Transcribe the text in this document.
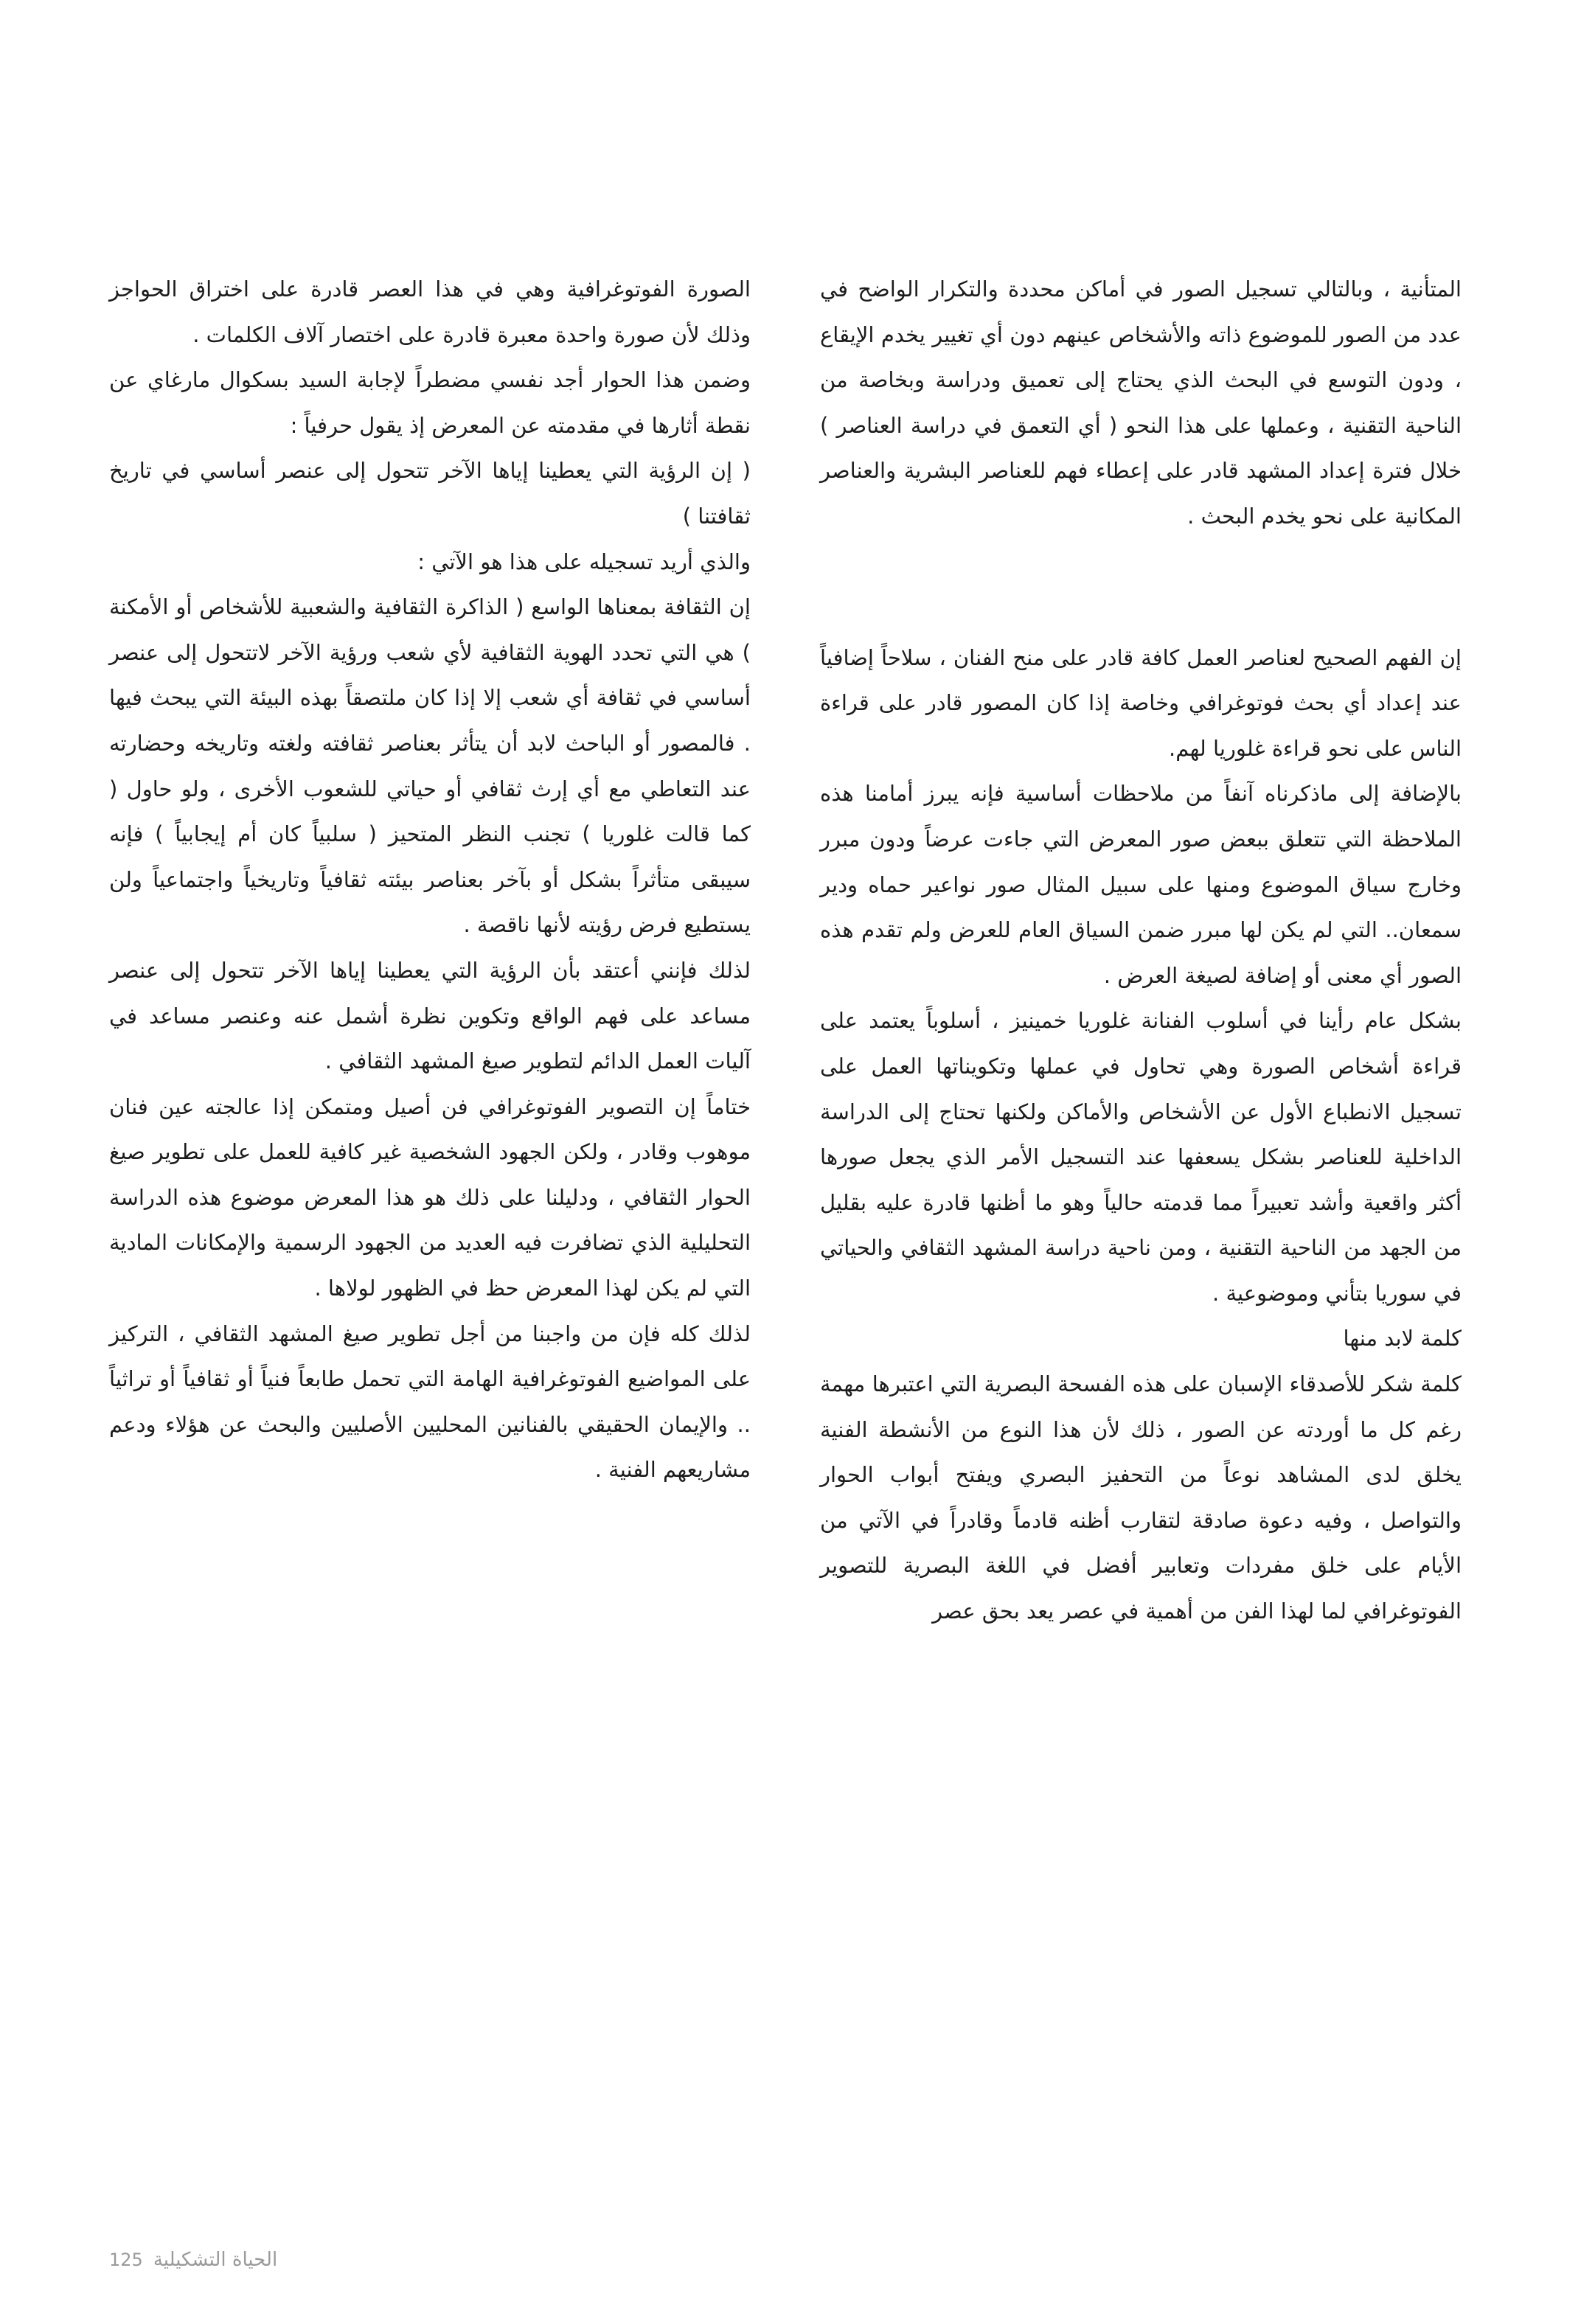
المتأنية ، وبالتالي تسجيل الصور في أماكن محددة والتكرار الواضح في عدد من الصور للموضوع ذاته والأشخاص عينهم دون أي تغيير يخدم الإيقاع ، ودون التوسع في البحث الذي يحتاج إلى تعميق ودراسة وبخاصة من الناحية التقنية ، وعملها على هذا النحو ( أي التعمق في دراسة العناصر ) خلال فترة إعداد المشهد قادر على إعطاء فهم للعناصر البشرية والعناصر المكانية على نحو يخدم البحث .

إن الفهم الصحيح لعناصر العمل كافة قادر على منح الفنان ، سلاحاً إضافياً عند إعداد أي بحث فوتوغرافي وخاصة إذا كان المصور قادر على قراءة الناس على نحو قراءة غلوريا لهم.

بالإضافة إلى ماذكرناه آنفاً من ملاحظات أساسية فإنه يبرز أمامنا هذه الملاحظة التي تتعلق ببعض صور المعرض التي جاءت عرضاً ودون مبرر وخارج سياق الموضوع ومنها على سبيل المثال صور نواعير حماه ودير سمعان.. التي لم يكن لها مبرر ضمن السياق العام للعرض ولم تقدم هذه الصور أي معنى أو إضافة لصيغة العرض .

بشكل عام رأينا في أسلوب الفنانة غلوريا خمينيز ، أسلوباً يعتمد على قراءة أشخاص الصورة وهي تحاول في عملها وتكويناتها العمل على تسجيل الانطباع الأول عن الأشخاص والأماكن ولكنها تحتاج إلى الدراسة الداخلية للعناصر بشكل يسعفها عند التسجيل الأمر الذي يجعل صورها أكثر واقعية وأشد تعبيراً مما قدمته حالياً وهو ما أظنها قادرة عليه بقليل من الجهد من الناحية التقنية ، ومن ناحية دراسة المشهد الثقافي والحياتي في سوريا بتأني وموضوعية .

كلمة لابد منها

كلمة شكر للأصدقاء الإسبان على هذه الفسحة البصرية التي اعتبرها مهمة رغم كل ما أوردته عن الصور ، ذلك لأن هذا النوع من الأنشطة الفنية يخلق لدى المشاهد نوعاً من التحفيز البصري ويفتح أبواب الحوار والتواصل ، وفيه دعوة صادقة لتقارب أظنه قادماً وقادراً في الآتي من الأيام على خلق مفردات وتعابير أفضل في اللغة البصرية للتصوير الفوتوغرافي لما لهذا الفن من أهمية في عصر يعد بحق عصر

الصورة الفوتوغرافية وهي في هذا العصر قادرة على اختراق الحواجز وذلك لأن صورة واحدة معبرة قادرة على اختصار آلاف الكلمات .

وضمن هذا الحوار أجد نفسي مضطراً لإجابة السيد بسكوال مارغاي عن نقطة أثارها في مقدمته عن المعرض إذ يقول حرفياً :

( إن الرؤية التي يعطينا إياها الآخر تتحول إلى عنصر أساسي في تاريخ ثقافتنا )

والذي أريد تسجيله على هذا هو الآتي :

إن الثقافة بمعناها الواسع ( الذاكرة الثقافية والشعبية للأشخاص أو الأمكنة ) هي التي تحدد الهوية الثقافية لأي شعب ورؤية الآخر لاتتحول إلى عنصر أساسي في ثقافة أي شعب إلا إذا كان ملتصقاً بهذه البيئة التي يبحث فيها . فالمصور أو الباحث لابد أن يتأثر بعناصر ثقافته ولغته وتاريخه وحضارته عند التعاطي مع أي إرث ثقافي أو حياتي للشعوب الأخرى ، ولو حاول ( كما قالت غلوريا ) تجنب النظر المتحيز ( سلبياً كان أم إيجابياً ) فإنه سيبقى متأثراً بشكل أو بآخر بعناصر بيئته ثقافياً وتاريخياً واجتماعياً ولن يستطيع فرض رؤيته لأنها ناقصة .

لذلك فإنني أعتقد بأن الرؤية التي يعطينا إياها الآخر تتحول إلى عنصر مساعد على فهم الواقع وتكوين نظرة أشمل عنه وعنصر مساعد في آليات العمل الدائم لتطوير صيغ المشهد الثقافي .

ختاماً إن التصوير الفوتوغرافي فن أصيل ومتمكن إذا عالجته عين فنان موهوب وقادر ، ولكن الجهود الشخصية غير كافية للعمل على تطوير صيغ الحوار الثقافي ، ودليلنا على ذلك هو هذا المعرض موضوع هذه الدراسة التحليلية الذي تضافرت فيه العديد من الجهود الرسمية والإمكانات المادية التي لم يكن لهذا المعرض حظ في الظهور لولاها .

لذلك كله فإن من واجبنا من أجل تطوير صيغ المشهد الثقافي ، التركيز على المواضيع الفوتوغرافية الهامة التي تحمل طابعاً فنياً أو ثقافياً أو تراثياً .. والإيمان الحقيقي بالفنانين المحليين الأصليين والبحث عن هؤلاء ودعم مشاريعهم الفنية .

الحياة التشكيلية
125
